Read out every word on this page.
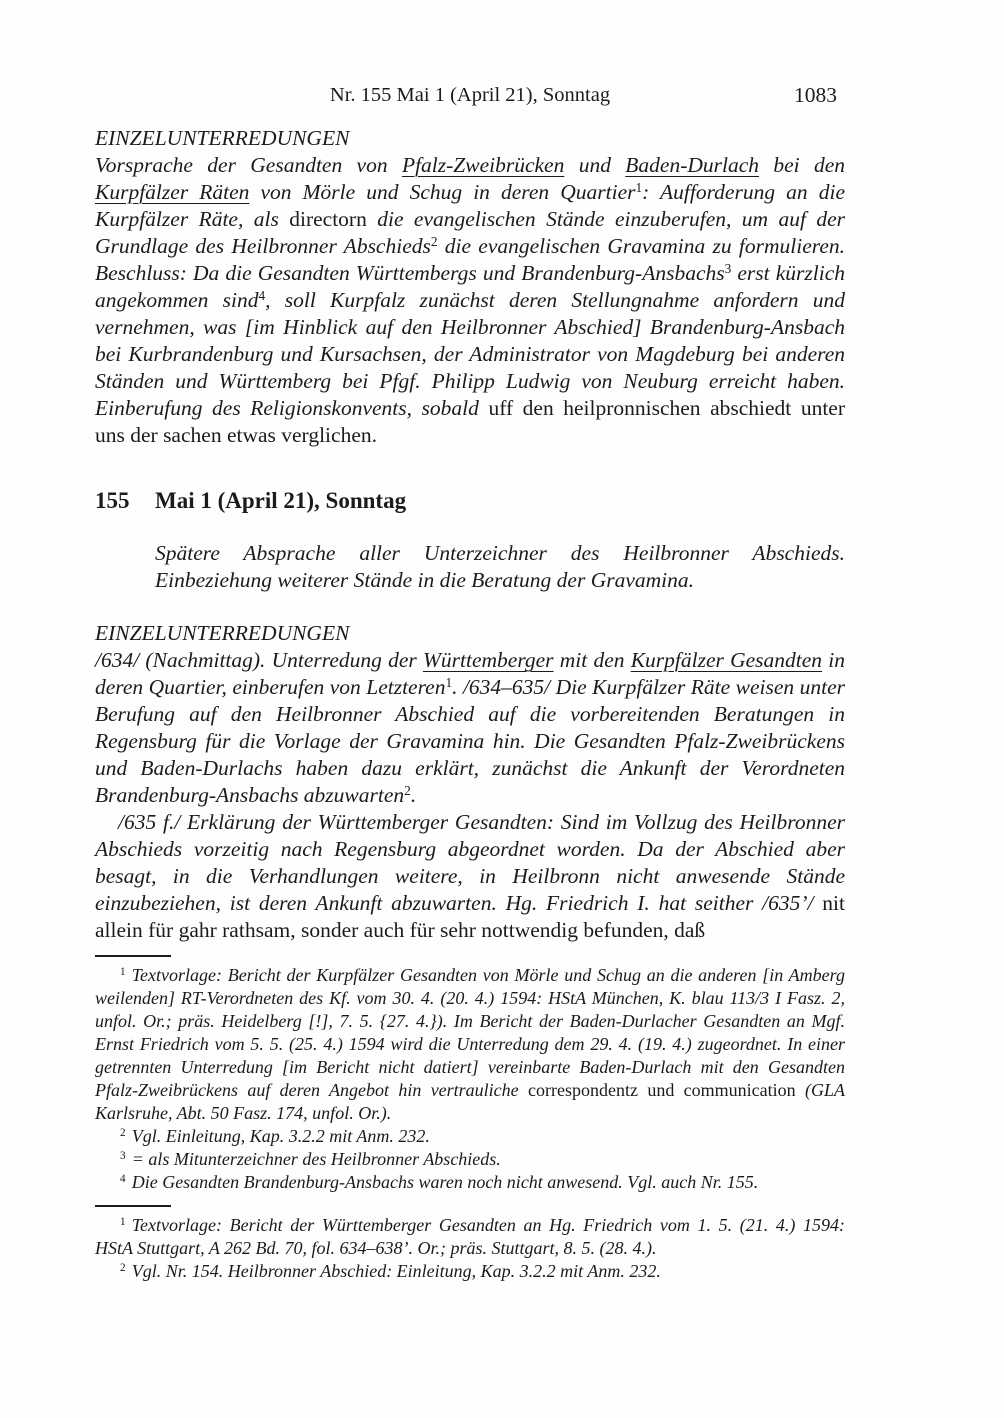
Nr. 155 Mai 1 (April 21), Sonntag	1083
EINZELUNTERREDUNGEN

Vorsprache der Gesandten von Pfalz-Zweibrücken und Baden-Durlach bei den Kurpfälzer Räten von Mörle und Schug in deren Quartier$^1$: Aufforderung an die Kurpfälzer Räte, als directorn die evangelischen Stände einzuberufen, um auf der Grundlage des Heilbronner Abschieds$^2$ die evangelischen Gravamina zu formulieren. Beschluss: Da die Gesandten Württembergs und Brandenburg-Ansbachs$^3$ erst kürzlich angekommen sind$^4$, soll Kurpfalz zunächst deren Stellungnahme anfordern und vernehmen, was [im Hinblick auf den Heilbronner Abschied] Brandenburg-Ansbach bei Kurbrandenburg und Kursachsen, der Administrator von Magdeburg bei anderen Ständen und Württemberg bei Pfgf. Philipp Ludwig von Neuburg erreicht haben. Einberufung des Religionskonvents, sobald uff den heilpronnischen abschiedt unter uns der sachen etwas verglichen.

155	Mai 1 (April 21), Sonntag

Spätere Absprache aller Unterzeichner des Heilbronner Abschieds. Einbeziehung weiterer Stände in die Beratung der Gravamina.

EINZELUNTERREDUNGEN

/634/ (Nachmittag). Unterredung der Württemberger mit den Kurpfälzer Gesandten in deren Quartier, einberufen von Letzteren$^1$. /634–635/ Die Kurpfälzer Räte weisen unter Berufung auf den Heilbronner Abschied auf die vorbereitenden Beratungen in Regensburg für die Vorlage der Gravamina hin. Die Gesandten Pfalz-Zweibrückens und Baden-Durlachs haben dazu erklärt, zunächst die Ankunft der Verordneten Brandenburg-Ansbachs abzuwarten$^2$.

/635 f./ Erklärung der Württemberger Gesandten: Sind im Vollzug des Heilbronner Abschieds vorzeitig nach Regensburg abgeordnet worden. Da der Abschied aber besagt, in die Verhandlungen weitere, in Heilbronn nicht anwesende Stände einzubeziehen, ist deren Ankunft abzuwarten. Hg. Friedrich I. hat seither /635’/ nit allein für gahr rathsam, sonder auch für sehr nottwendig befunden, daß

$^1$ Textvorlage: Bericht der Kurpfälzer Gesandten von Mörle und Schug an die anderen [in Amberg weilenden] RT-Verordneten des Kf. vom 30. 4. (20. 4.) 1594: HStA München, K. blau 113/3 I Fasz. 2, unfol. Or.; präs. Heidelberg [!], 7. 5. {27. 4.}). Im Bericht der Baden-Durlacher Gesandten an Mgf. Ernst Friedrich vom 5. 5. (25. 4.) 1594 wird die Unterredung dem 29. 4. (19. 4.) zugeordnet. In einer getrennten Unterredung [im Bericht nicht datiert] vereinbarte Baden-Durlach mit den Gesandten Pfalz-Zweibrückens auf deren Angebot hin vertrauliche correspondentz und communication (GLA Karlsruhe, Abt. 50 Fasz. 174, unfol. Or.).

$^2$ Vgl. Einleitung, Kap. 3.2.2 mit Anm. 232.

$^3$ = als Mitunterzeichner des Heilbronner Abschieds.

$^4$ Die Gesandten Brandenburg-Ansbachs waren noch nicht anwesend. Vgl. auch Nr. 155.

$^1$ Textvorlage: Bericht der Württemberger Gesandten an Hg. Friedrich vom 1. 5. (21. 4.) 1594: HStA Stuttgart, A 262 Bd. 70, fol. 634–638’. Or.; präs. Stuttgart, 8. 5. (28. 4.).

$^2$ Vgl. Nr. 154. Heilbronner Abschied: Einleitung, Kap. 3.2.2 mit Anm. 232.
